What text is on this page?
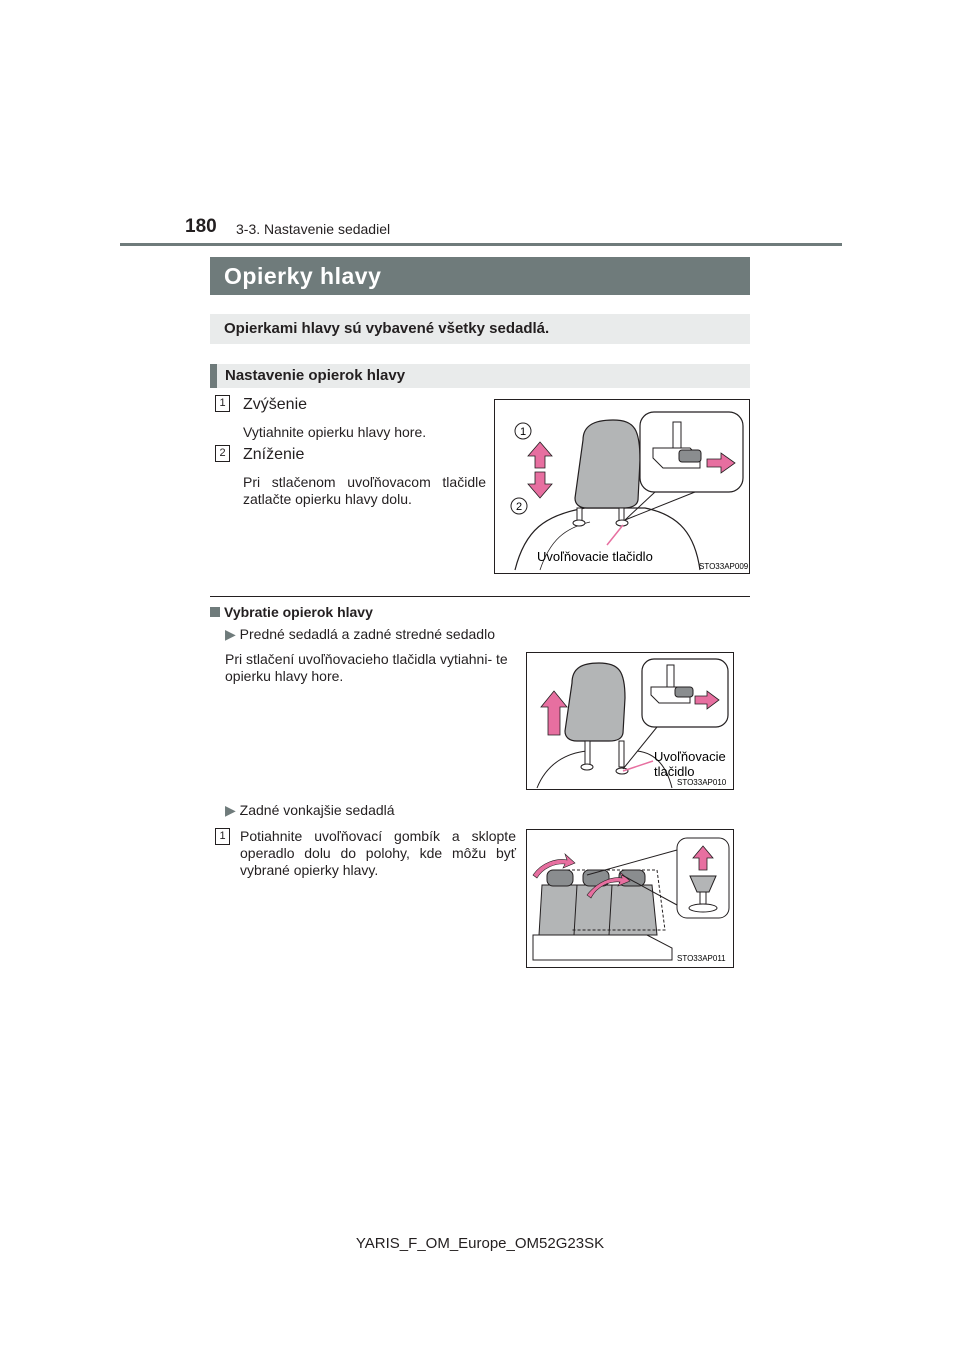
180 3-3. Nastavenie sedadiel
Opierky hlavy
Opierkami hlavy sú vybavené všetky sedadlá.
Nastavenie opierok hlavy
1 Zvýšenie
Vytiahnite opierku hlavy hore.
2 Zníženie
Pri stlačenom uvoľňovacom tlačidle zatlačte opierku hlavy dolu.
1
2
Uvoľňovacie tlačidlo
STO33AP009
Vybratie opierok hlavy
▶ Predné sedadlá a zadné stredné sedadlo
Pri stlačení uvoľňovacieho tlačidla vytiahni- te opierku hlavy hore.
Uvoľňovacie
tlačidlo
STO33AP010
▶ Zadné vonkajšie sedadlá
1	Potiahnite uvoľňovací gombík a sklopte operadlo dolu do polohy, kde môžu byť vybrané opierky hlavy.
STO33AP011
YARIS_F_OM_Europe_OM52G23SK
